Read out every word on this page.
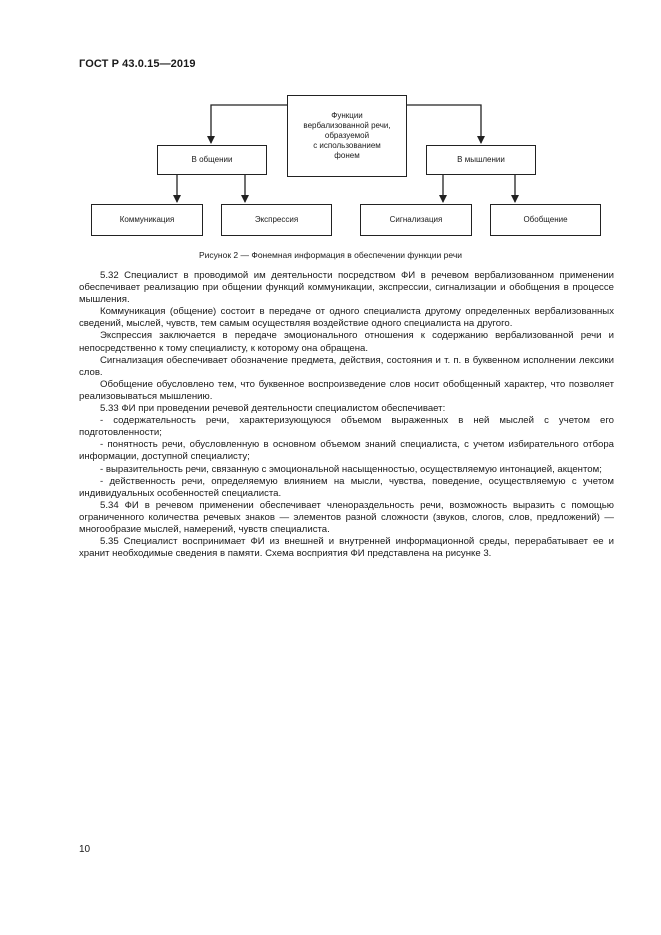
ГОСТ Р 43.0.15—2019
Функции
вербализованной речи,
образуемой
с использованием
фонем
В общении	В мышлении
Коммуникация	Экспрессия	Сигнализация	Обобщение
Рисунок 2 — Фонемная информация в обеспечении функции речи

5.32 Специалист в проводимой им деятельности посредством ФИ в речевом вербализованном применении обеспечивает реализацию при общении функций коммуникации, экспрессии, сигнализации и обобщения в процессе мышления.

Коммуникация (общение) состоит в передаче от одного специалиста другому определенных вербализованных сведений, мыслей, чувств, тем самым осуществляя воздействие одного специалиста на другого.

Экспрессия заключается в передаче эмоционального отношения к содержанию вербализованной речи и непосредственно к тому специалисту, к которому она обращена.

Сигнализация обеспечивает обозначение предмета, действия, состояния и т. п. в буквенном исполнении лексики слов.

Обобщение обусловлено тем, что буквенное воспроизведение слов носит обобщенный характер, что позволяет реализовываться мышлению.

5.33 ФИ при проведении речевой деятельности специалистом обеспечивает:

- содержательность речи, характеризующуюся объемом выраженных в ней мыслей с учетом его подготовленности;

- понятность речи, обусловленную в основном объемом знаний специалиста, с учетом избирательного отбора информации, доступной специалисту;

- выразительность речи, связанную с эмоциональной насыщенностью, осуществляемую интонацией, акцентом;

- действенность речи, определяемую влиянием на мысли, чувства, поведение, осуществляемую с учетом индивидуальных особенностей специалиста.

5.34 ФИ в речевом применении обеспечивает членораздельность речи, возможность выразить с помощью ограниченного количества речевых знаков — элементов разной сложности (звуков, слогов, слов, предложений) — многообразие мыслей, намерений, чувств специалиста.

5.35 Специалист воспринимает ФИ из внешней и внутренней информационной среды, перерабатывает ее и хранит необходимые сведения в памяти. Схема восприятия ФИ представлена на рисунке 3.

10
